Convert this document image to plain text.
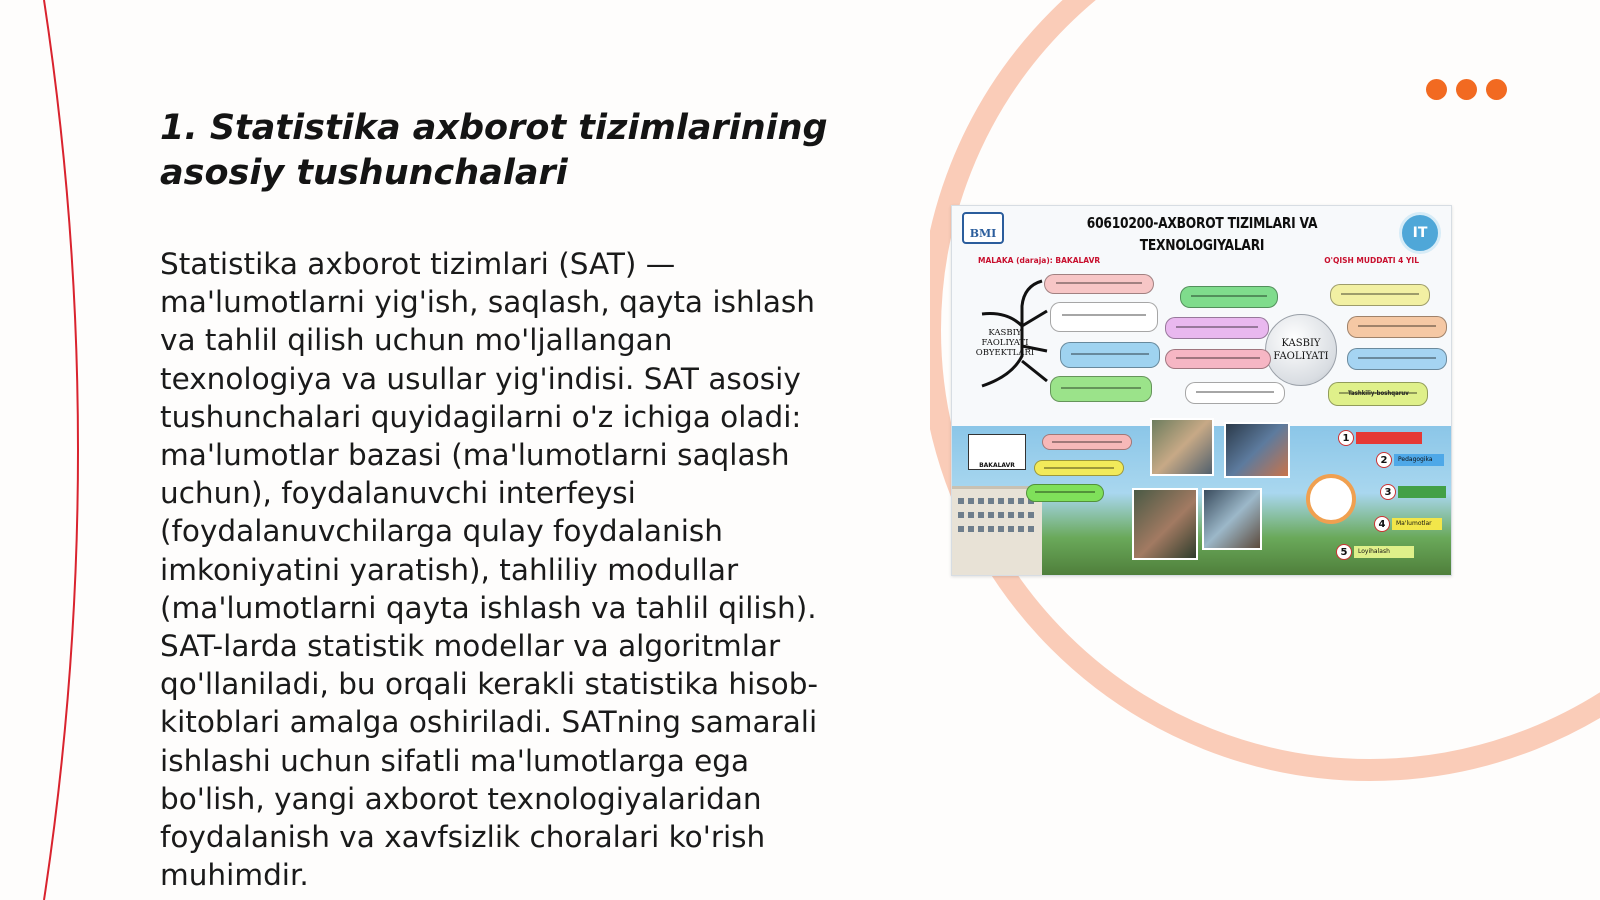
1. Statistika axborot tizimlarining asosiy tushunchalari

Statistika axborot tizimlari (SAT) — ma'lumotlarni yig'ish, saqlash, qayta ishlash va tahlil qilish uchun mo'ljallangan texnologiya va usullar yig'indisi. SAT asosiy tushunchalari quyidagilarni o'z ichiga oladi: ma'lumotlar bazasi (ma'lumotlarni saqlash uchun), foydalanuvchi interfeysi (foydalanuvchilarga qulay foydalanish imkoniyatini yaratish), tahliliy modullar (ma'lumotlarni qayta ishlash va tahlil qilish). SAT-larda statistik modellar va algoritmlar qo'llaniladi, bu orqali kerakli statistika hisob-kitoblari amalga oshiriladi. SATning samarali ishlashi uchun sifatli ma'lumotlarga ega bo'lish, yangi axborot texnologiyalaridan foydalanish va xavfsizlik choralari ko'rish muhimdir.

BMI
60610200-AXBOROT TIZIMLARI VA TEXNOLOGIYALARI
IT
MALAKA (daraja): BAKALAVR	O'QISH MUDDATI 4 YIL
KASBIY FAOLIYATI OBYEKTLARI
KASBIY FAOLIYATI
Tashkiliy-boshqaruv
BAKALAVR
1
2	Pedagogika
3
4	Ma'lumotlar
5	Loyihalash
